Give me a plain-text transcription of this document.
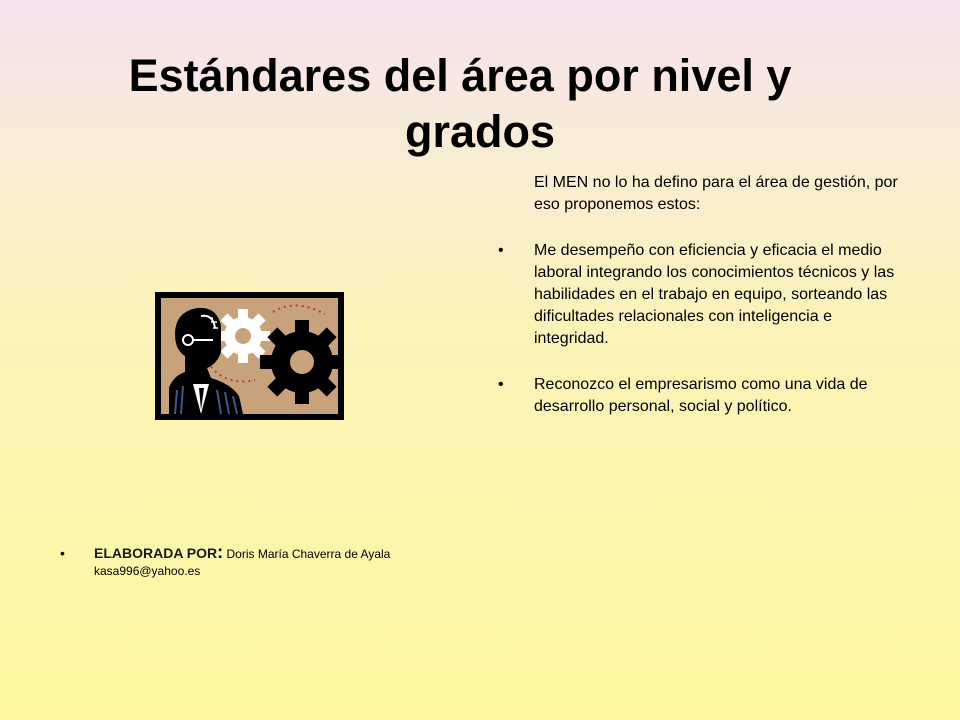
Estándares del área por nivel y
grados

El MEN no lo ha defino para el área de gestión, por eso proponemos estos:

• Me desempeño con eficiencia y eficacia el medio laboral integrando los conocimientos técnicos y las habilidades en el trabajo en equipo, sorteando las dificultades relacionales con inteligencia e integridad.
• Reconozco el empresarismo como una vida de desarrollo personal, social y político.
•	ELABORADA POR: Doris María Chaverra de Ayala
kasa996@yahoo.es
